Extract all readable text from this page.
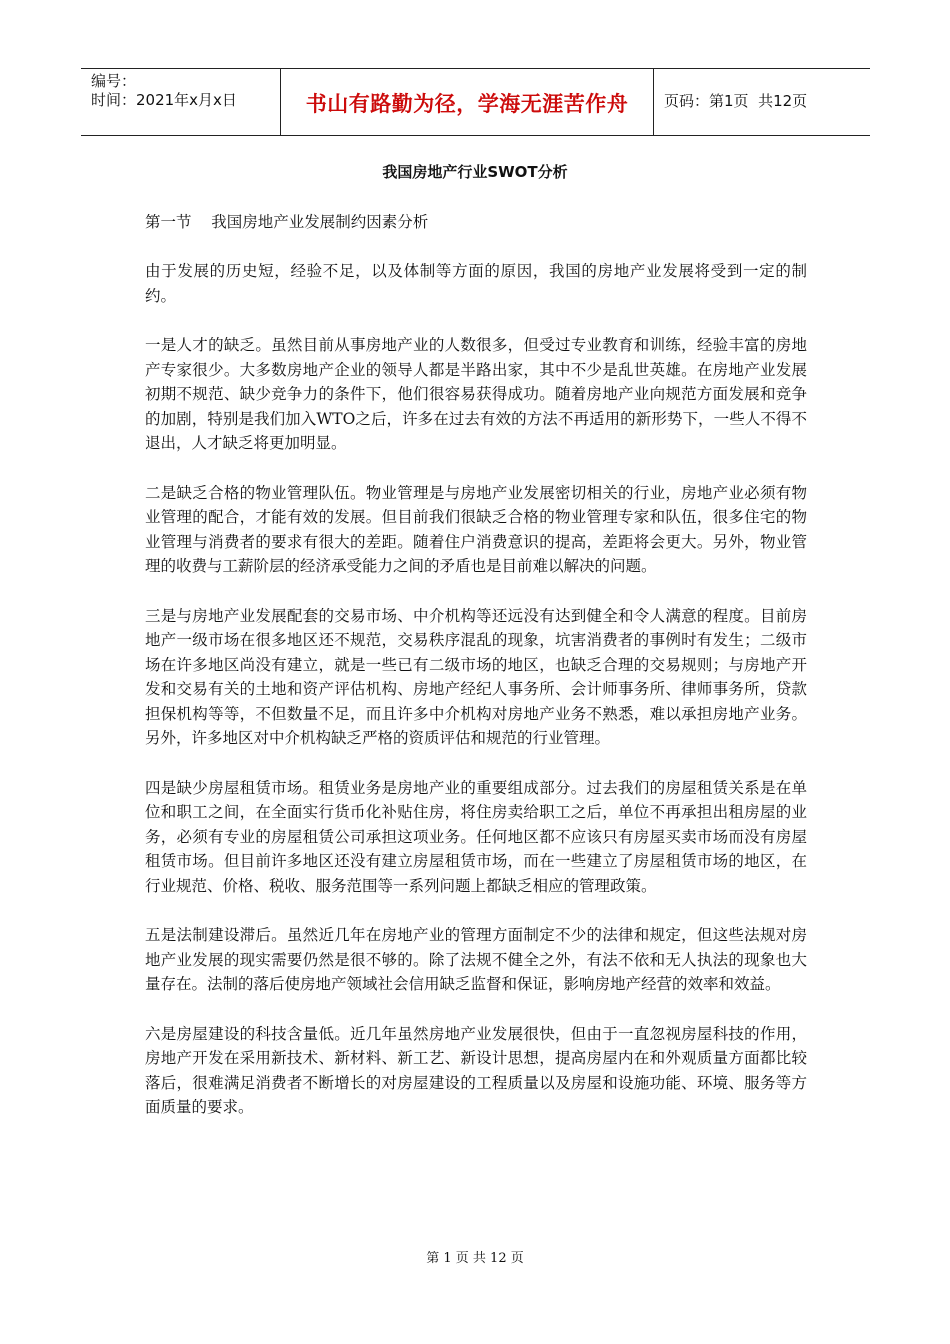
编号：
时间：2021年x月x日	书山有路勤为径，学海无涯苦作舟 页码：第1页  共12页
我国房地产行业SWOT分析
第一节    我国房地产业发展制约因素分析

由于发展的历史短，经验不足，以及体制等方面的原因，我国的房地产业发展将受到一定的制约。

一是人才的缺乏。虽然目前从事房地产业的人数很多，但受过专业教育和训练，经验丰富的房地产专家很少。大多数房地产企业的领导人都是半路出家，其中不少是乱世英雄。在房地产业发展初期不规范、缺少竞争力的条件下，他们很容易获得成功。随着房地产业向规范方面发展和竞争的加剧，特别是我们加入WTO之后，许多在过去有效的方法不再适用的新形势下，一些人不得不退出，人才缺乏将更加明显。

二是缺乏合格的物业管理队伍。物业管理是与房地产业发展密切相关的行业，房地产业必须有物业管理的配合，才能有效的发展。但目前我们很缺乏合格的物业管理专家和队伍，很多住宅的物业管理与消费者的要求有很大的差距。随着住户消费意识的提高，差距将会更大。另外，物业管理的收费与工薪阶层的经济承受能力之间的矛盾也是目前难以解决的问题。

三是与房地产业发展配套的交易市场、中介机构等还远没有达到健全和令人满意的程度。目前房地产一级市场在很多地区还不规范，交易秩序混乱的现象，坑害消费者的事例时有发生；二级市场在许多地区尚没有建立，就是一些已有二级市场的地区，也缺乏合理的交易规则；与房地产开发和交易有关的土地和资产评估机构、房地产经纪人事务所、会计师事务所、律师事务所，贷款担保机构等等，不但数量不足，而且许多中介机构对房地产业务不熟悉，难以承担房地产业务。另外，许多地区对中介机构缺乏严格的资质评估和规范的行业管理。

四是缺少房屋租赁市场。租赁业务是房地产业的重要组成部分。过去我们的房屋租赁关系是在单位和职工之间，在全面实行货币化补贴住房，将住房卖给职工之后，单位不再承担出租房屋的业务，必须有专业的房屋租赁公司承担这项业务。任何地区都不应该只有房屋买卖市场而没有房屋租赁市场。但目前许多地区还没有建立房屋租赁市场，而在一些建立了房屋租赁市场的地区，在行业规范、价格、税收、服务范围等一系列问题上都缺乏相应的管理政策。

五是法制建设滞后。虽然近几年在房地产业的管理方面制定不少的法律和规定，但这些法规对房地产业发展的现实需要仍然是很不够的。除了法规不健全之外，有法不依和无人执法的现象也大量存在。法制的落后使房地产领域社会信用缺乏监督和保证，影响房地产经营的效率和效益。

六是房屋建设的科技含量低。近几年虽然房地产业发展很快，但由于一直忽视房屋科技的作用，房地产开发在采用新技术、新材料、新工艺、新设计思想，提高房屋内在和外观质量方面都比较落后，很难满足消费者不断增长的对房屋建设的工程质量以及房屋和设施功能、环境、服务等方面质量的要求。

第 1 页 共 12 页
